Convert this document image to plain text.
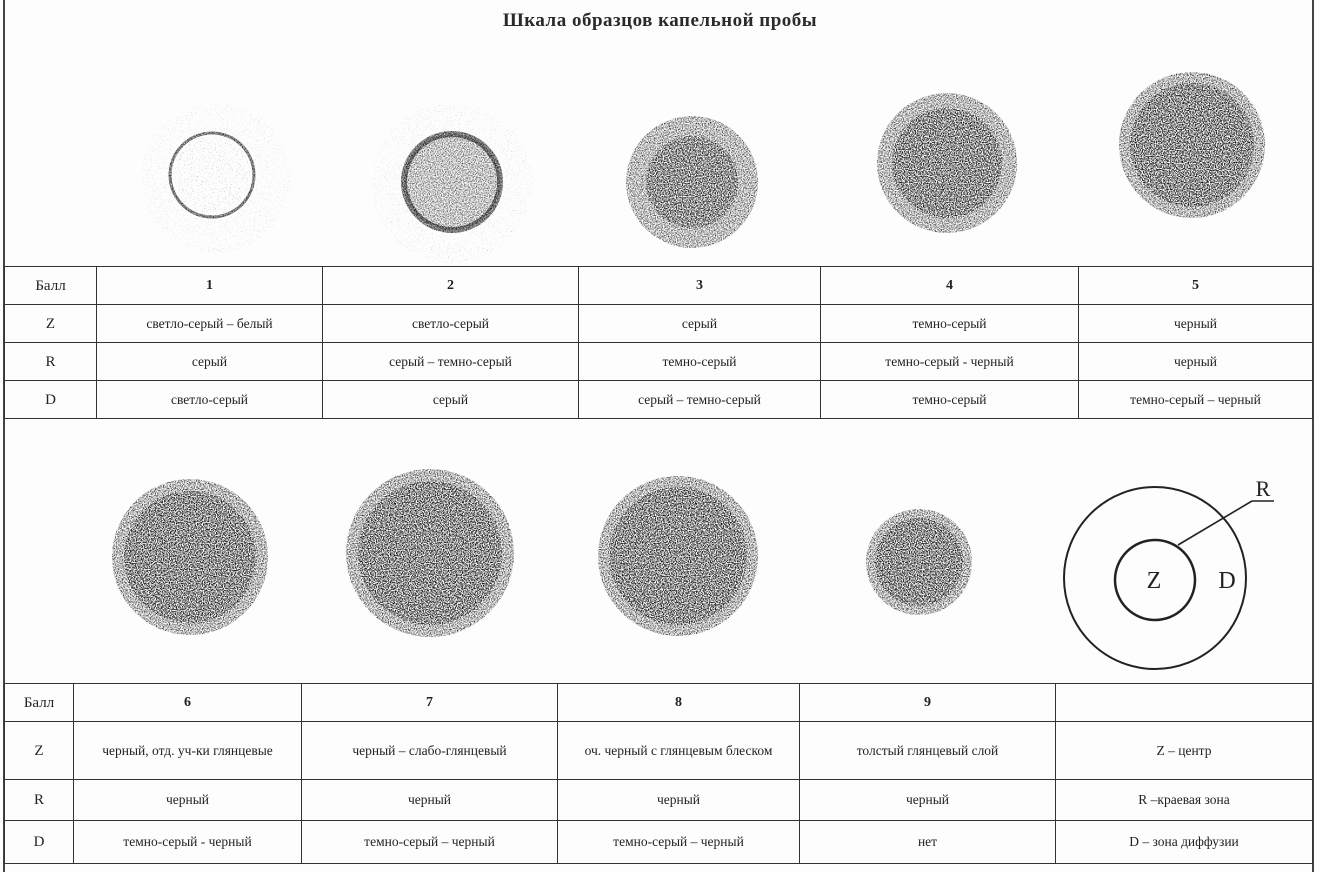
Шкала образцов капельной пробы
Z D
R
Балл	1	2	3	4	5
Z	светло-серый – белый	светло-серый	серый	темно-серый	черный
R	серый	серый – темно-серый	темно-серый	темно-серый - черный	черный
D	светло-серый	серый	серый – темно-серый	темно-серый	темно-серый – черный
Балл	6	7	8	9	
Z	черный, отд. уч-ки глянцевые	черный – слабо-глянцевый	оч. черный с глянцевым блеском	толстый глянцевый слой	Z – центр
R	черный	черный	черный	черный	R –краевая зона
D	темно-серый - черный	темно-серый – черный	темно-серый – черный	нет	D – зона диффузии
